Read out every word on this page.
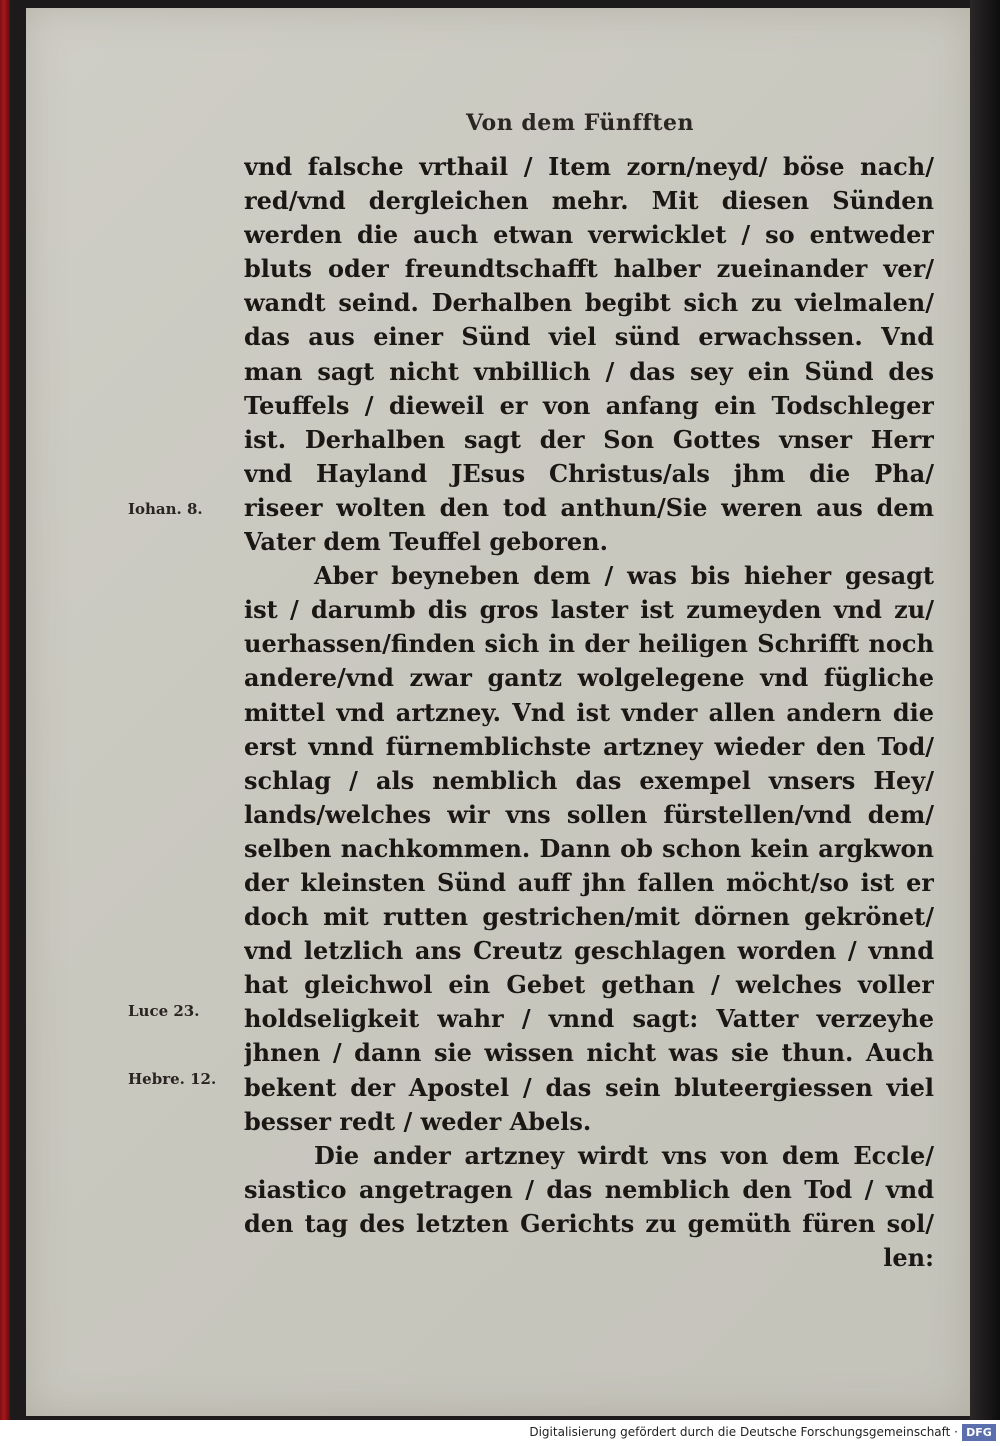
Von dem Fünfften
vnd falsche vrthail / Item zorn/neyd/ böse nach/
red/vnd dergleichen mehr. Mit diesen Sünden
werden die auch etwan verwicklet / so entweder
bluts oder freundtschafft halber zueinander ver/
wandt seind. Derhalben begibt sich zu vielmalen/
das aus einer Sünd viel sünd erwachssen. Vnd
man sagt nicht vnbillich / das sey ein Sünd des
Teuffels / dieweil er von anfang ein Todschleger
ist. Derhalben sagt der Son Gottes vnser Herr
vnd Hayland JEsus Christus/als jhm die Pha/
riseer wolten den tod anthun/Sie weren aus dem
Vater dem Teuffel geboren.
Aber beyneben dem / was bis hieher gesagt
ist / darumb dis gros laster ist zumeyden vnd zu/
uerhassen/finden sich in der heiligen Schrifft noch
andere/vnd zwar gantz wolgelegene vnd fügliche
mittel vnd artzney. Vnd ist vnder allen andern die
erst vnnd fürnemblichste artzney wieder den Tod/
schlag / als nemblich das exempel vnsers Hey/
lands/welches wir vns sollen fürstellen/vnd dem/
selben nachkommen. Dann ob schon kein argkwon
der kleinsten Sünd auff jhn fallen möcht/so ist er
doch mit rutten gestrichen/mit dörnen gekrönet/
vnd letzlich ans Creutz geschlagen worden / vnnd
hat gleichwol ein Gebet gethan / welches voller
holdseligkeit wahr / vnnd sagt: Vatter verzeyhe
jhnen / dann sie wissen nicht was sie thun. Auch
bekent der Apostel / das sein bluteergiessen viel
besser redt / weder Abels.
Die ander artzney wirdt vns von dem Eccle/
siastico angetragen / das nemblich den Tod / vnd
den tag des letzten Gerichts zu gemüth füren sol/
len:
Iohan. 8.
Luce 23.
Hebre. 12.
Digitalisierung gefördert durch die Deutsche Forschungsgemeinschaft · DFG
